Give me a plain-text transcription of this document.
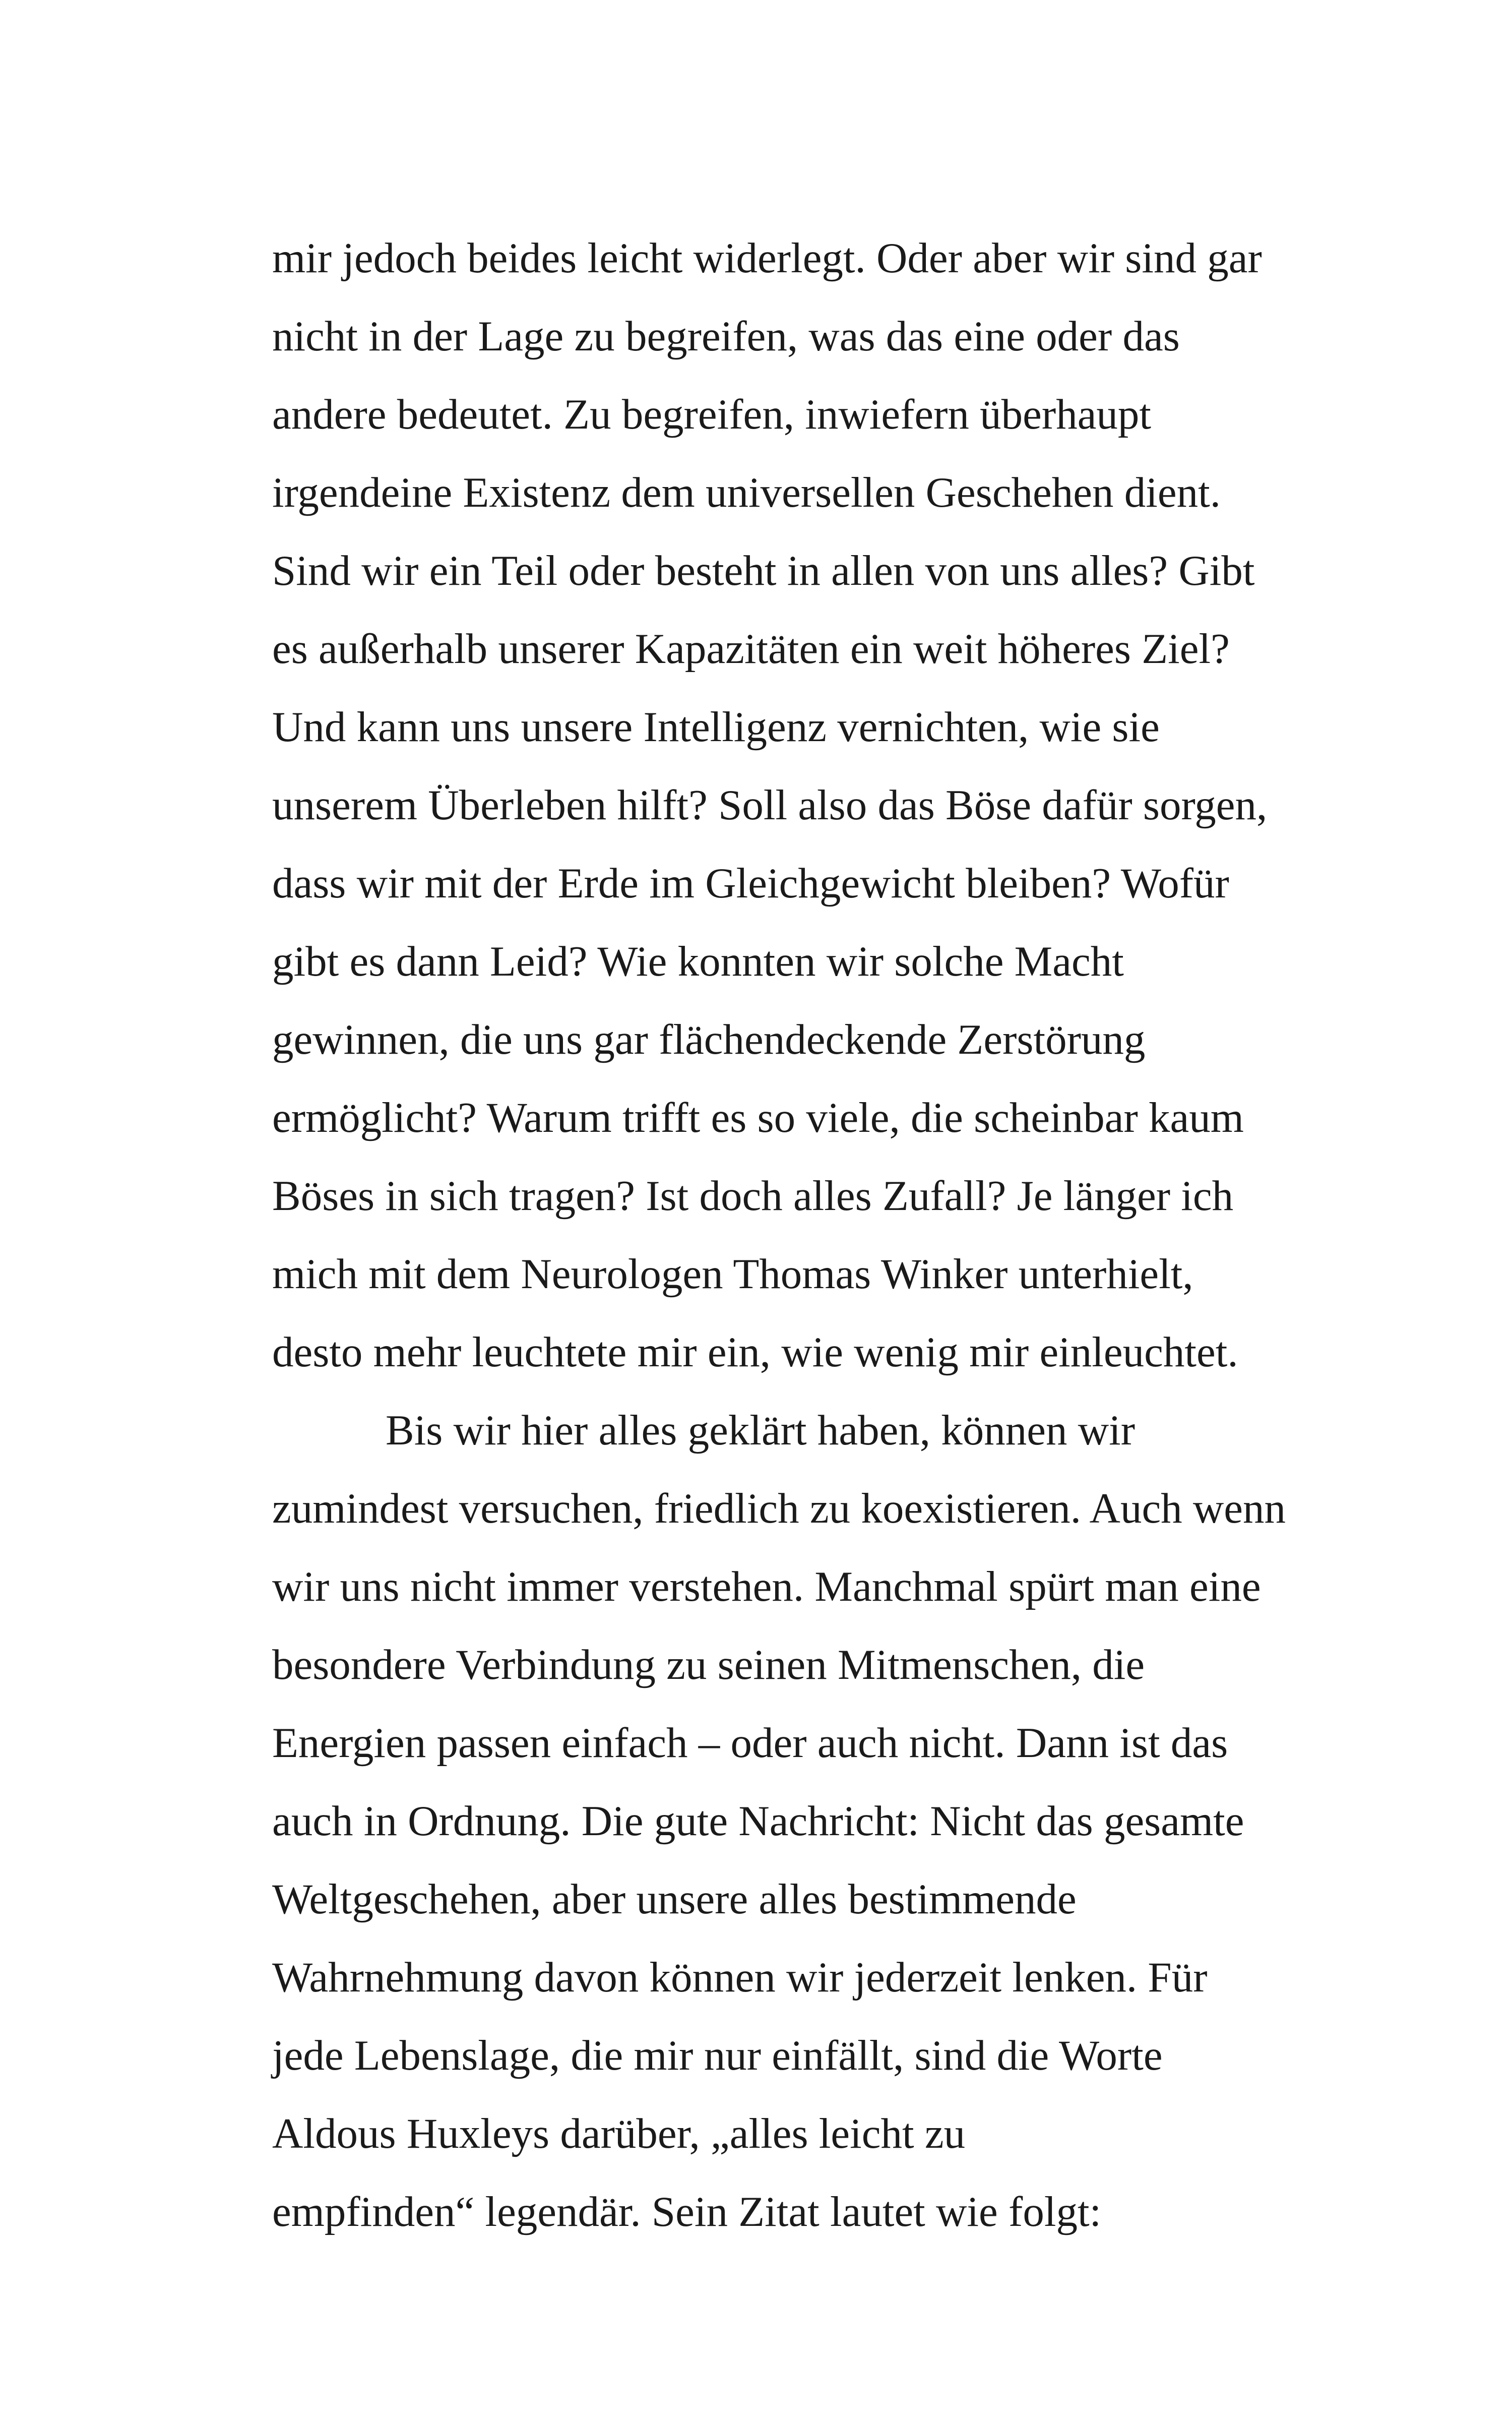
mir jedoch beides leicht widerlegt. Oder aber wir sind gar
nicht in der Lage zu begreifen, was das eine oder das
andere bedeutet. Zu begreifen, inwiefern überhaupt
irgendeine Existenz dem universellen Geschehen dient.
Sind wir ein Teil oder besteht in allen von uns alles? Gibt
es außerhalb unserer Kapazitäten ein weit höheres Ziel?
Und kann uns unsere Intelligenz vernichten, wie sie
unserem Überleben hilft? Soll also das Böse dafür sorgen,
dass wir mit der Erde im Gleichgewicht bleiben? Wofür
gibt es dann Leid? Wie konnten wir solche Macht
gewinnen, die uns gar flächendeckende Zerstörung
ermöglicht? Warum trifft es so viele, die scheinbar kaum
Böses in sich tragen? Ist doch alles Zufall? Je länger ich
mich mit dem Neurologen Thomas Winker unterhielt,
desto mehr leuchtete mir ein, wie wenig mir einleuchtet.
Bis wir hier alles geklärt haben, können wir
zumindest versuchen, friedlich zu koexistieren. Auch wenn
wir uns nicht immer verstehen. Manchmal spürt man eine
besondere Verbindung zu seinen Mitmenschen, die
Energien passen einfach – oder auch nicht. Dann ist das
auch in Ordnung. Die gute Nachricht: Nicht das gesamte
Weltgeschehen, aber unsere alles bestimmende
Wahrnehmung davon können wir jederzeit lenken. Für
jede Lebenslage, die mir nur einfällt, sind die Worte
Aldous Huxleys darüber, „alles leicht zu
empfinden“ legendär. Sein Zitat lautet wie folgt:
